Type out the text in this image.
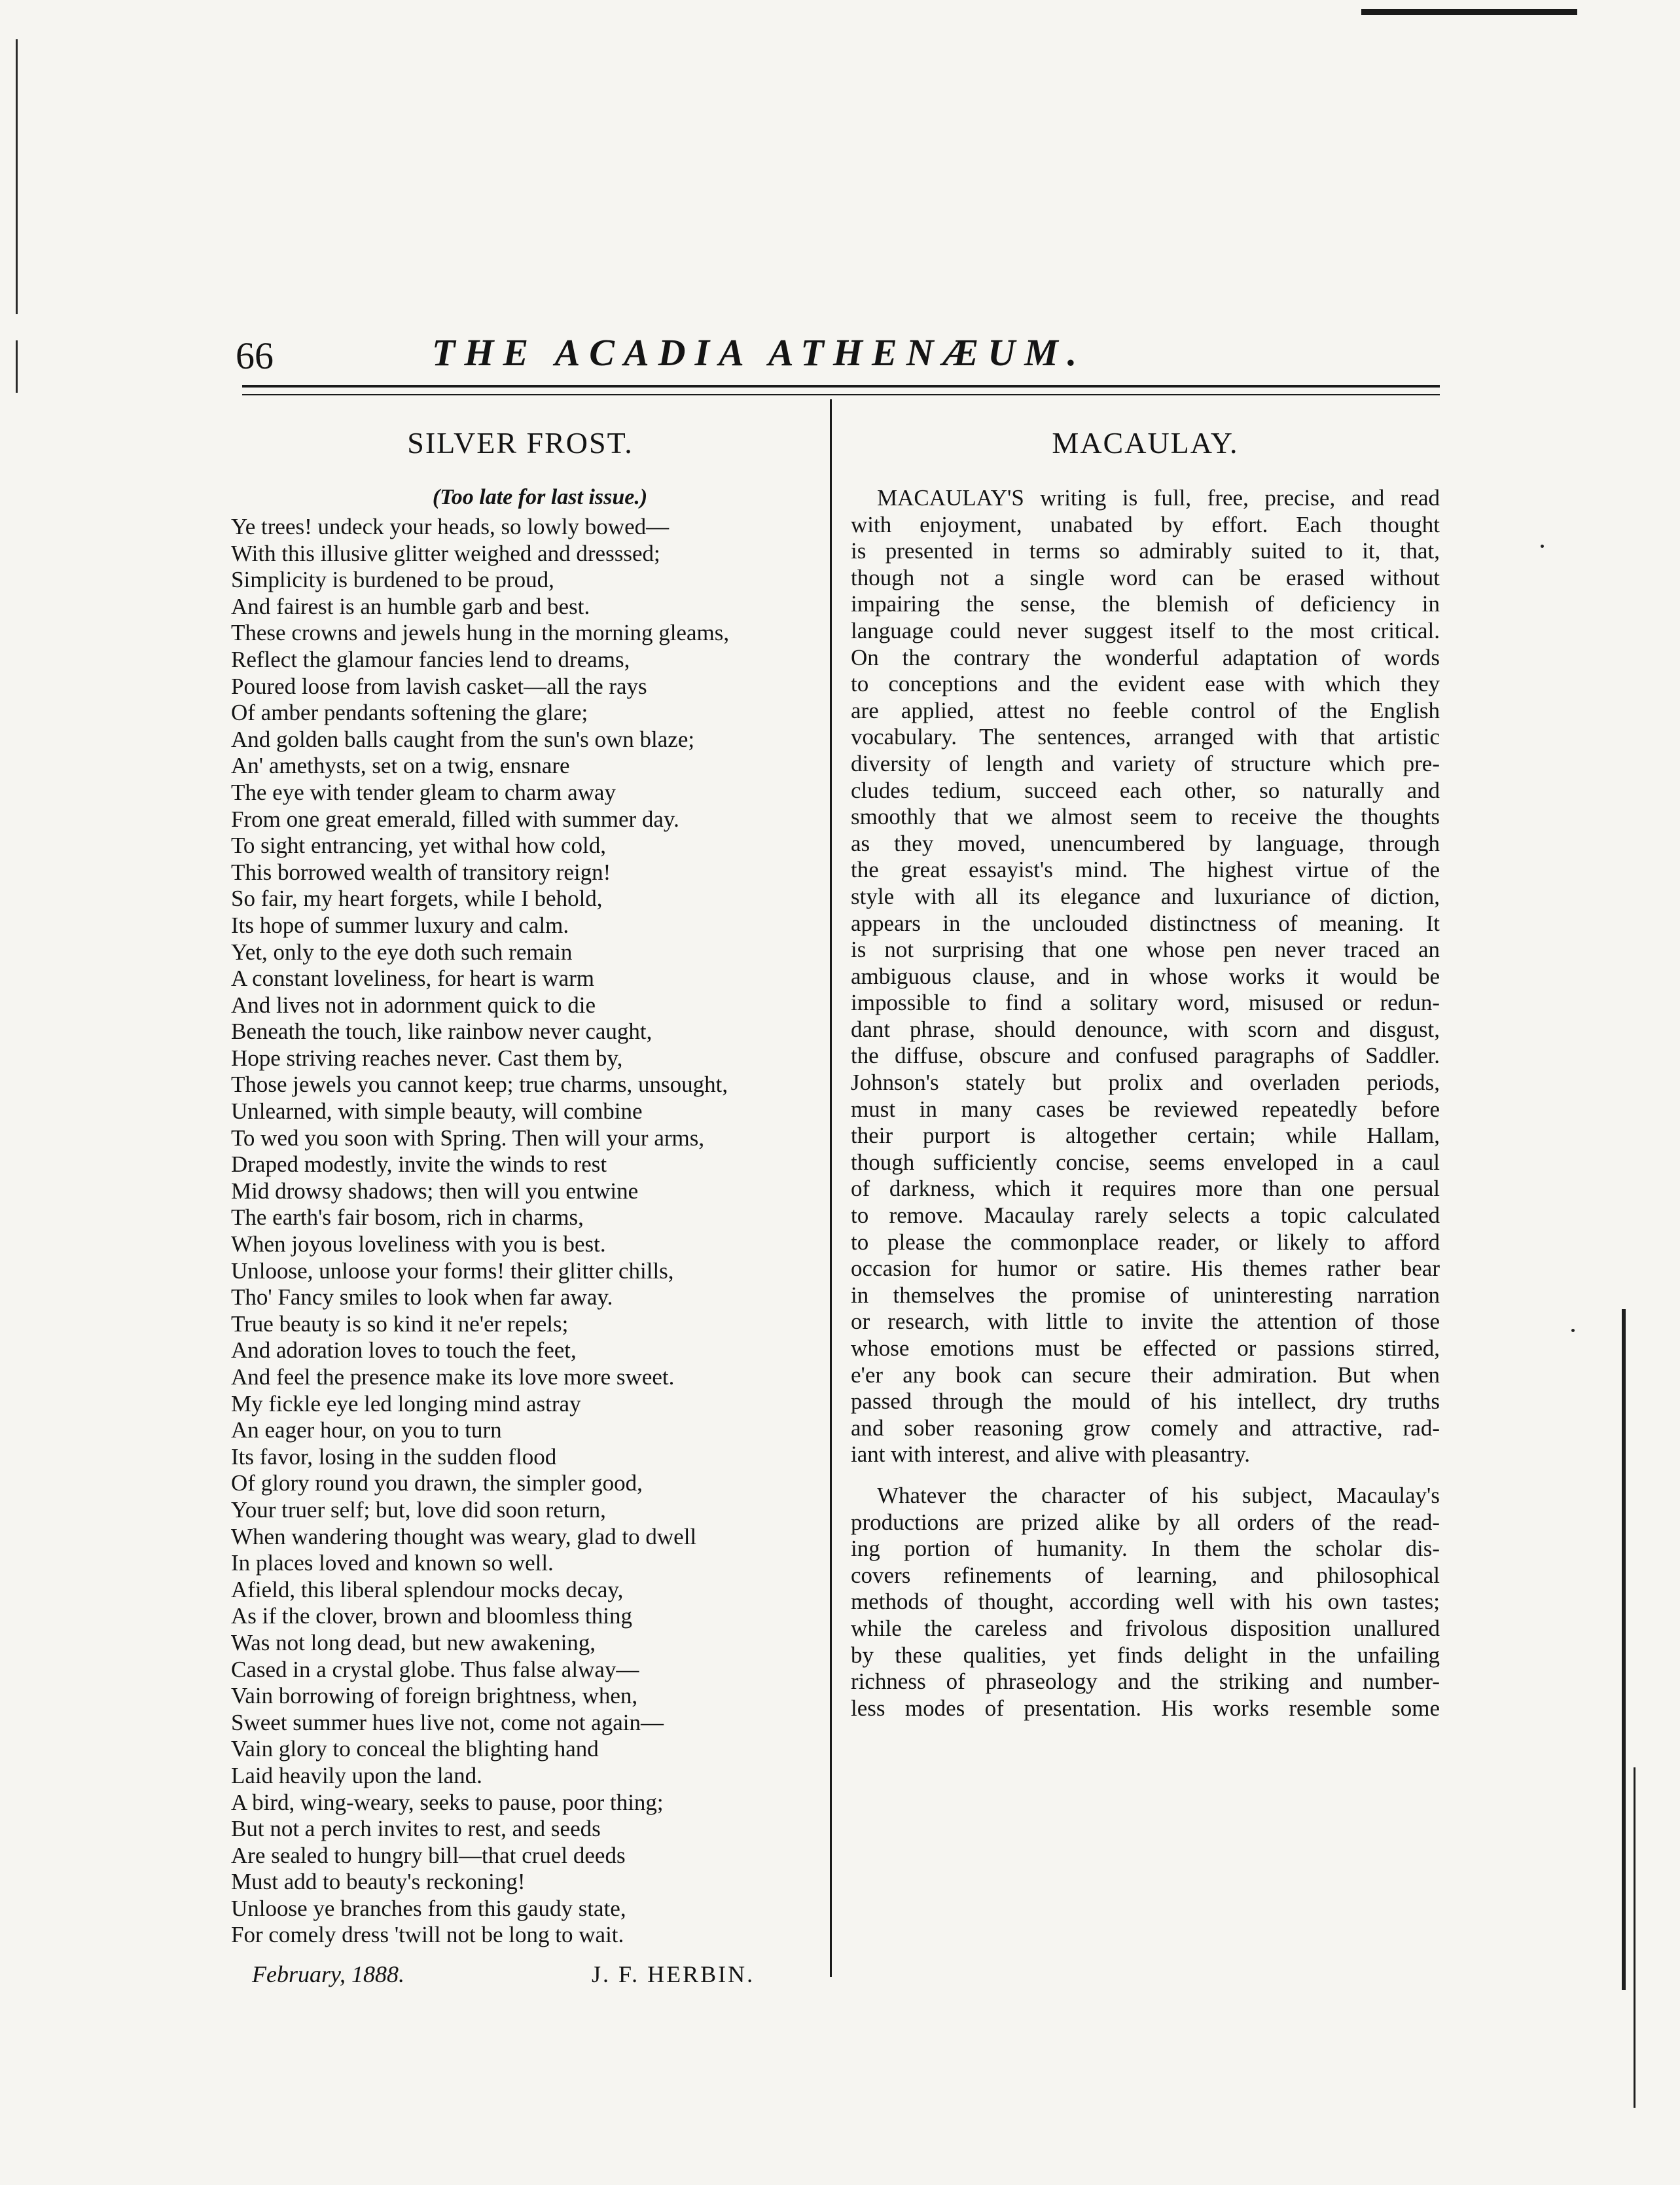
66	THE ACADIA ATHENÆUM.
SILVER FROST.
(Too late for last issue.)
Ye trees! undeck your heads, so lowly bowed—
With this illusive glitter weighed and dresssed;
Simplicity is burdened to be proud,
And fairest is an humble garb and best.
These crowns and jewels hung in the morning gleams,
Reflect the glamour fancies lend to dreams,
Poured loose from lavish casket—all the rays
Of amber pendants softening the glare;
And golden balls caught from the sun's own blaze;
An' amethysts, set on a twig, ensnare
The eye with tender gleam to charm away
From one great emerald, filled with summer day.
To sight entrancing, yet withal how cold,
This borrowed wealth of transitory reign!
So fair, my heart forgets, while I behold,
Its hope of summer luxury and calm.
Yet, only to the eye doth such remain
A constant loveliness, for heart is warm
And lives not in adornment quick to die
Beneath the touch, like rainbow never caught,
Hope striving reaches never. Cast them by,
Those jewels you cannot keep; true charms, unsought,
Unlearned, with simple beauty, will combine
To wed you soon with Spring. Then will your arms,
Draped modestly, invite the winds to rest
Mid drowsy shadows; then will you entwine
The earth's fair bosom, rich in charms,
When joyous loveliness with you is best.
Unloose, unloose your forms! their glitter chills,
Tho' Fancy smiles to look when far away.
True beauty is so kind it ne'er repels;
And adoration loves to touch the feet,
And feel the presence make its love more sweet.
My fickle eye led longing mind astray
An eager hour, on you to turn
Its favor, losing in the sudden flood
Of glory round you drawn, the simpler good,
Your truer self; but, love did soon return,
When wandering thought was weary, glad to dwell
In places loved and known so well.
Afield, this liberal splendour mocks decay,
As if the clover, brown and bloomless thing
Was not long dead, but new awakening,
Cased in a crystal globe. Thus false alway—
Vain borrowing of foreign brightness, when,
Sweet summer hues live not, come not again—
Vain glory to conceal the blighting hand
Laid heavily upon the land.
A bird, wing-weary, seeks to pause, poor thing;
But not a perch invites to rest, and seeds
Are sealed to hungry bill—that cruel deeds
Must add to beauty's reckoning!
Unloose ye branches from this gaudy state,
For comely dress 'twill not be long to wait.
February, 1888.	J. F. HERBIN.
MACAULAY.
MACAULAY'S writing is full, free, precise, and read
with enjoyment, unabated by effort. Each thought
is presented in terms so admirably suited to it, that,
though not a single word can be erased without
impairing the sense, the blemish of deficiency in
language could never suggest itself to the most critical.
On the contrary the wonderful adaptation of words
to conceptions and the evident ease with which they
are applied, attest no feeble control of the English
vocabulary. The sentences, arranged with that artistic
diversity of length and variety of structure which pre-
cludes tedium, succeed each other, so naturally and
smoothly that we almost seem to receive the thoughts
as they moved, unencumbered by language, through
the great essayist's mind. The highest virtue of the
style with all its elegance and luxuriance of diction,
appears in the unclouded distinctness of meaning. It
is not surprising that one whose pen never traced an
ambiguous clause, and in whose works it would be
impossible to find a solitary word, misused or redun-
dant phrase, should denounce, with scorn and disgust,
the diffuse, obscure and confused paragraphs of Saddler.
Johnson's stately but prolix and overladen periods,
must in many cases be reviewed repeatedly before
their purport is altogether certain; while Hallam,
though sufficiently concise, seems enveloped in a caul
of darkness, which it requires more than one persual
to remove. Macaulay rarely selects a topic calculated
to please the commonplace reader, or likely to afford
occasion for humor or satire. His themes rather bear
in themselves the promise of uninteresting narration
or research, with little to invite the attention of those
whose emotions must be effected or passions stirred,
e'er any book can secure their admiration. But when
passed through the mould of his intellect, dry truths
and sober reasoning grow comely and attractive, rad-
iant with interest, and alive with pleasantry.
Whatever the character of his subject, Macaulay's
productions are prized alike by all orders of the read-
ing portion of humanity. In them the scholar dis-
covers refinements of learning, and philosophical
methods of thought, according well with his own tastes;
while the careless and frivolous disposition unallured
by these qualities, yet finds delight in the unfailing
richness of phraseology and the striking and number-
less modes of presentation. His works resemble some
